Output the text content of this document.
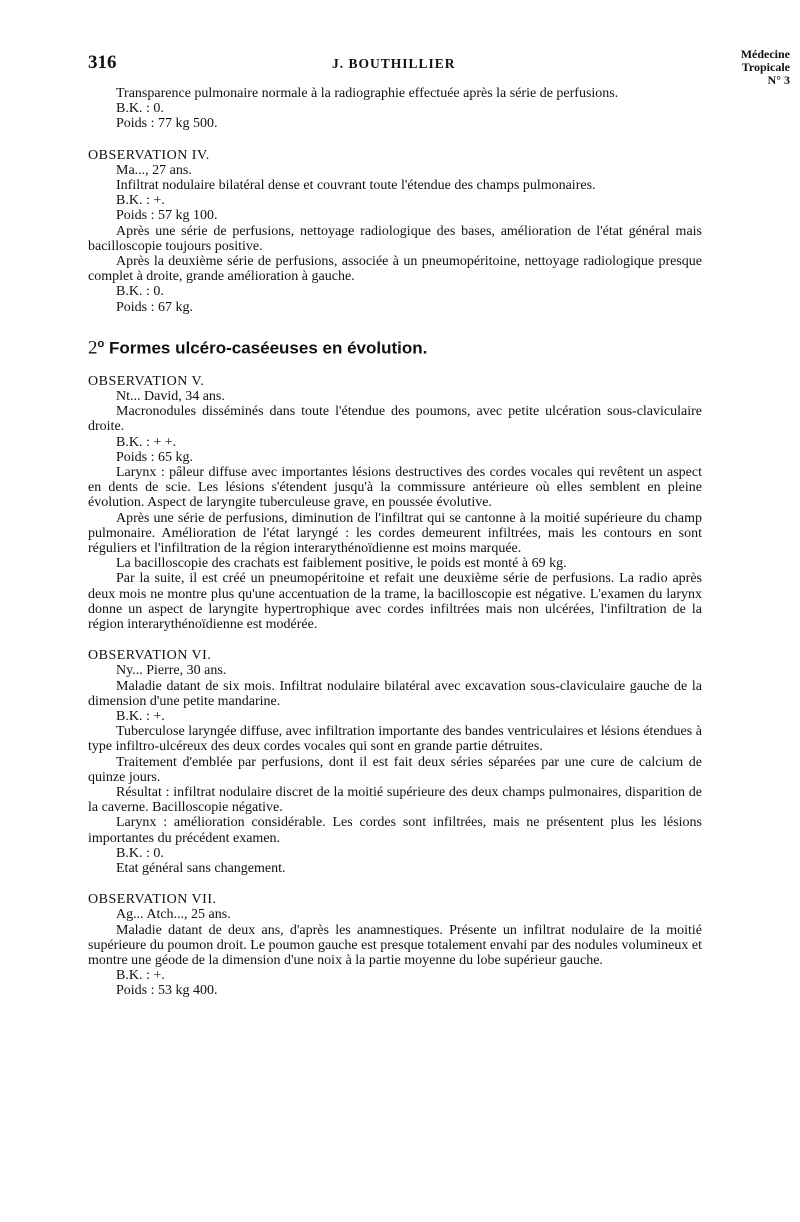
316	J. BOUTHILLIER
Médecine
Tropicale
N° 3

Transparence pulmonaire normale à la radiographie effectuée après la série de perfusions.

B.K. : 0.

Poids : 77 kg 500.

OBSERVATION IV.

Ma..., 27 ans.

Infiltrat nodulaire bilatéral dense et couvrant toute l'étendue des champs pulmonaires.

B.K. : +.

Poids : 57 kg 100.

Après une série de perfusions, nettoyage radiologique des bases, amélioration de l'état général mais bacilloscopie toujours positive.

Après la deuxième série de perfusions, associée à un pneumopéritoine, nettoyage radiologique presque complet à droite, grande amélioration à gauche.

B.K. : 0.

Poids : 67 kg.

2$^o$ Formes ulcéro-caséeuses en évolution.

OBSERVATION V.

Nt... David, 34 ans.

Macronodules disséminés dans toute l'étendue des poumons, avec petite ulcération sous-claviculaire droite.

B.K. : + +.

Poids : 65 kg.

Larynx : pâleur diffuse avec importantes lésions destructives des cordes vocales qui revêtent un aspect en dents de scie. Les lésions s'étendent jusqu'à la commissure antérieure où elles semblent en pleine évolution. Aspect de laryngite tuberculeuse grave, en poussée évolutive.

Après une série de perfusions, diminution de l'infiltrat qui se cantonne à la moitié supérieure du champ pulmonaire. Amélioration de l'état laryngé : les cordes demeurent infiltrées, mais les contours en sont réguliers et l'infiltration de la région interarythénoïdienne est moins marquée.

La bacilloscopie des crachats est faiblement positive, le poids est monté à 69 kg.

Par la suite, il est créé un pneumopéritoine et refait une deuxième série de perfusions. La radio après deux mois ne montre plus qu'une accentuation de la trame, la bacilloscopie est négative. L'examen du larynx donne un aspect de laryngite hypertrophique avec cordes infiltrées mais non ulcérées, l'infiltration de la région interarythénoïdienne est modérée.

OBSERVATION VI.

Ny... Pierre, 30 ans.

Maladie datant de six mois. Infiltrat nodulaire bilatéral avec excavation sous-claviculaire gauche de la dimension d'une petite mandarine.

B.K. : +.

Tuberculose laryngée diffuse, avec infiltration importante des bandes ventriculaires et lésions étendues à type infiltro-ulcéreux des deux cordes vocales qui sont en grande partie détruites.

Traitement d'emblée par perfusions, dont il est fait deux séries séparées par une cure de calcium de quinze jours.

Résultat : infiltrat nodulaire discret de la moitié supérieure des deux champs pulmonaires, disparition de la caverne. Bacilloscopie négative.

Larynx : amélioration considérable. Les cordes sont infiltrées, mais ne présentent plus les lésions importantes du précédent examen.

B.K. : 0.

Etat général sans changement.

OBSERVATION VII.

Ag... Atch..., 25 ans.

Maladie datant de deux ans, d'après les anamnestiques. Présente un infiltrat nodulaire de la moitié supérieure du poumon droit. Le poumon gauche est presque totalement envahi par des nodules volumineux et montre une géode de la dimension d'une noix à la partie moyenne du lobe supérieur gauche.

B.K. : +.

Poids : 53 kg 400.
